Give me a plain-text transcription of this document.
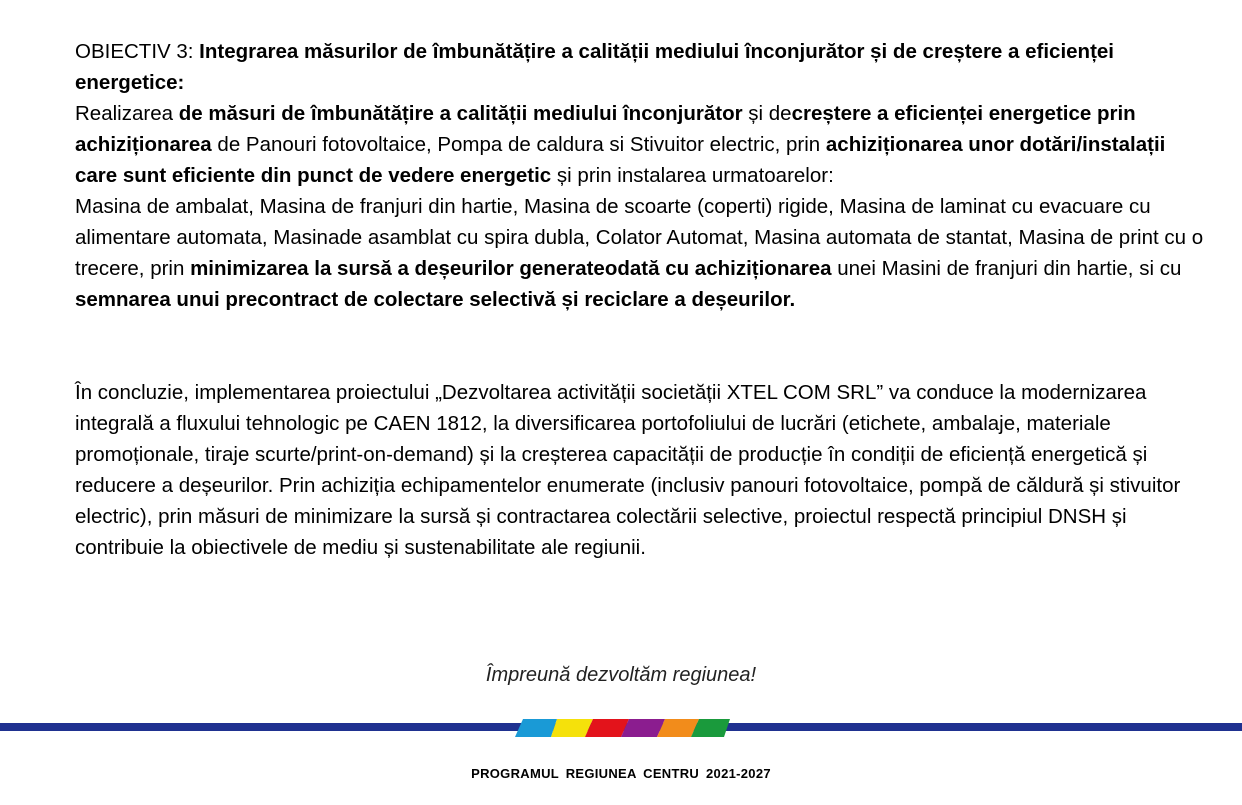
OBIECTIV 3: Integrarea măsurilor de îmbunătățire a calității mediului înconjurător și de creștere a eficienței energetice:

Realizarea de măsuri de îmbunătățire a calității mediului înconjurător și decreștere a eficienței energetice prin achiziționarea de Panouri fotovoltaice, Pompa de caldura si Stivuitor electric, prin achiziționarea unor dotări/instalații care sunt eficiente din punct de vedere energetic și prin instalarea urmatoarelor:
Masina de ambalat, Masina de franjuri din hartie, Masina de scoarte (coperti) rigide, Masina de laminat cu evacuare cu alimentare automata, Masinade asamblat cu spira dubla, Colator Automat, Masina automata de stantat, Masina de print cu o trecere, prin minimizarea la sursă a deșeurilor generateodată cu achiziționarea unei Masini de franjuri din hartie, si cu semnarea unui precontract de colectare selectivă și reciclare a deșeurilor.

În concluzie, implementarea proiectului „Dezvoltarea activității societății XTEL COM SRL” va conduce la modernizarea integrală a fluxului tehnologic pe CAEN 1812, la diversificarea portofoliului de lucrări (etichete, ambalaje, materiale promoționale, tiraje scurte/print-on-demand) și la creșterea capacității de producție în condiții de eficiență energetică și reducere a deșeurilor. Prin achiziția echipamentelor enumerate (inclusiv panouri fotovoltaice, pompă de căldură și stivuitor electric), prin măsuri de minimizare la sursă și contractarea colectării selective, proiectul respectă principiul DNSH și contribuie la obiectivele de mediu și sustenabilitate ale regiunii.

Împreună dezvoltăm regiunea!
PROGRAMUL REGIUNEA CENTRU 2021-2027
